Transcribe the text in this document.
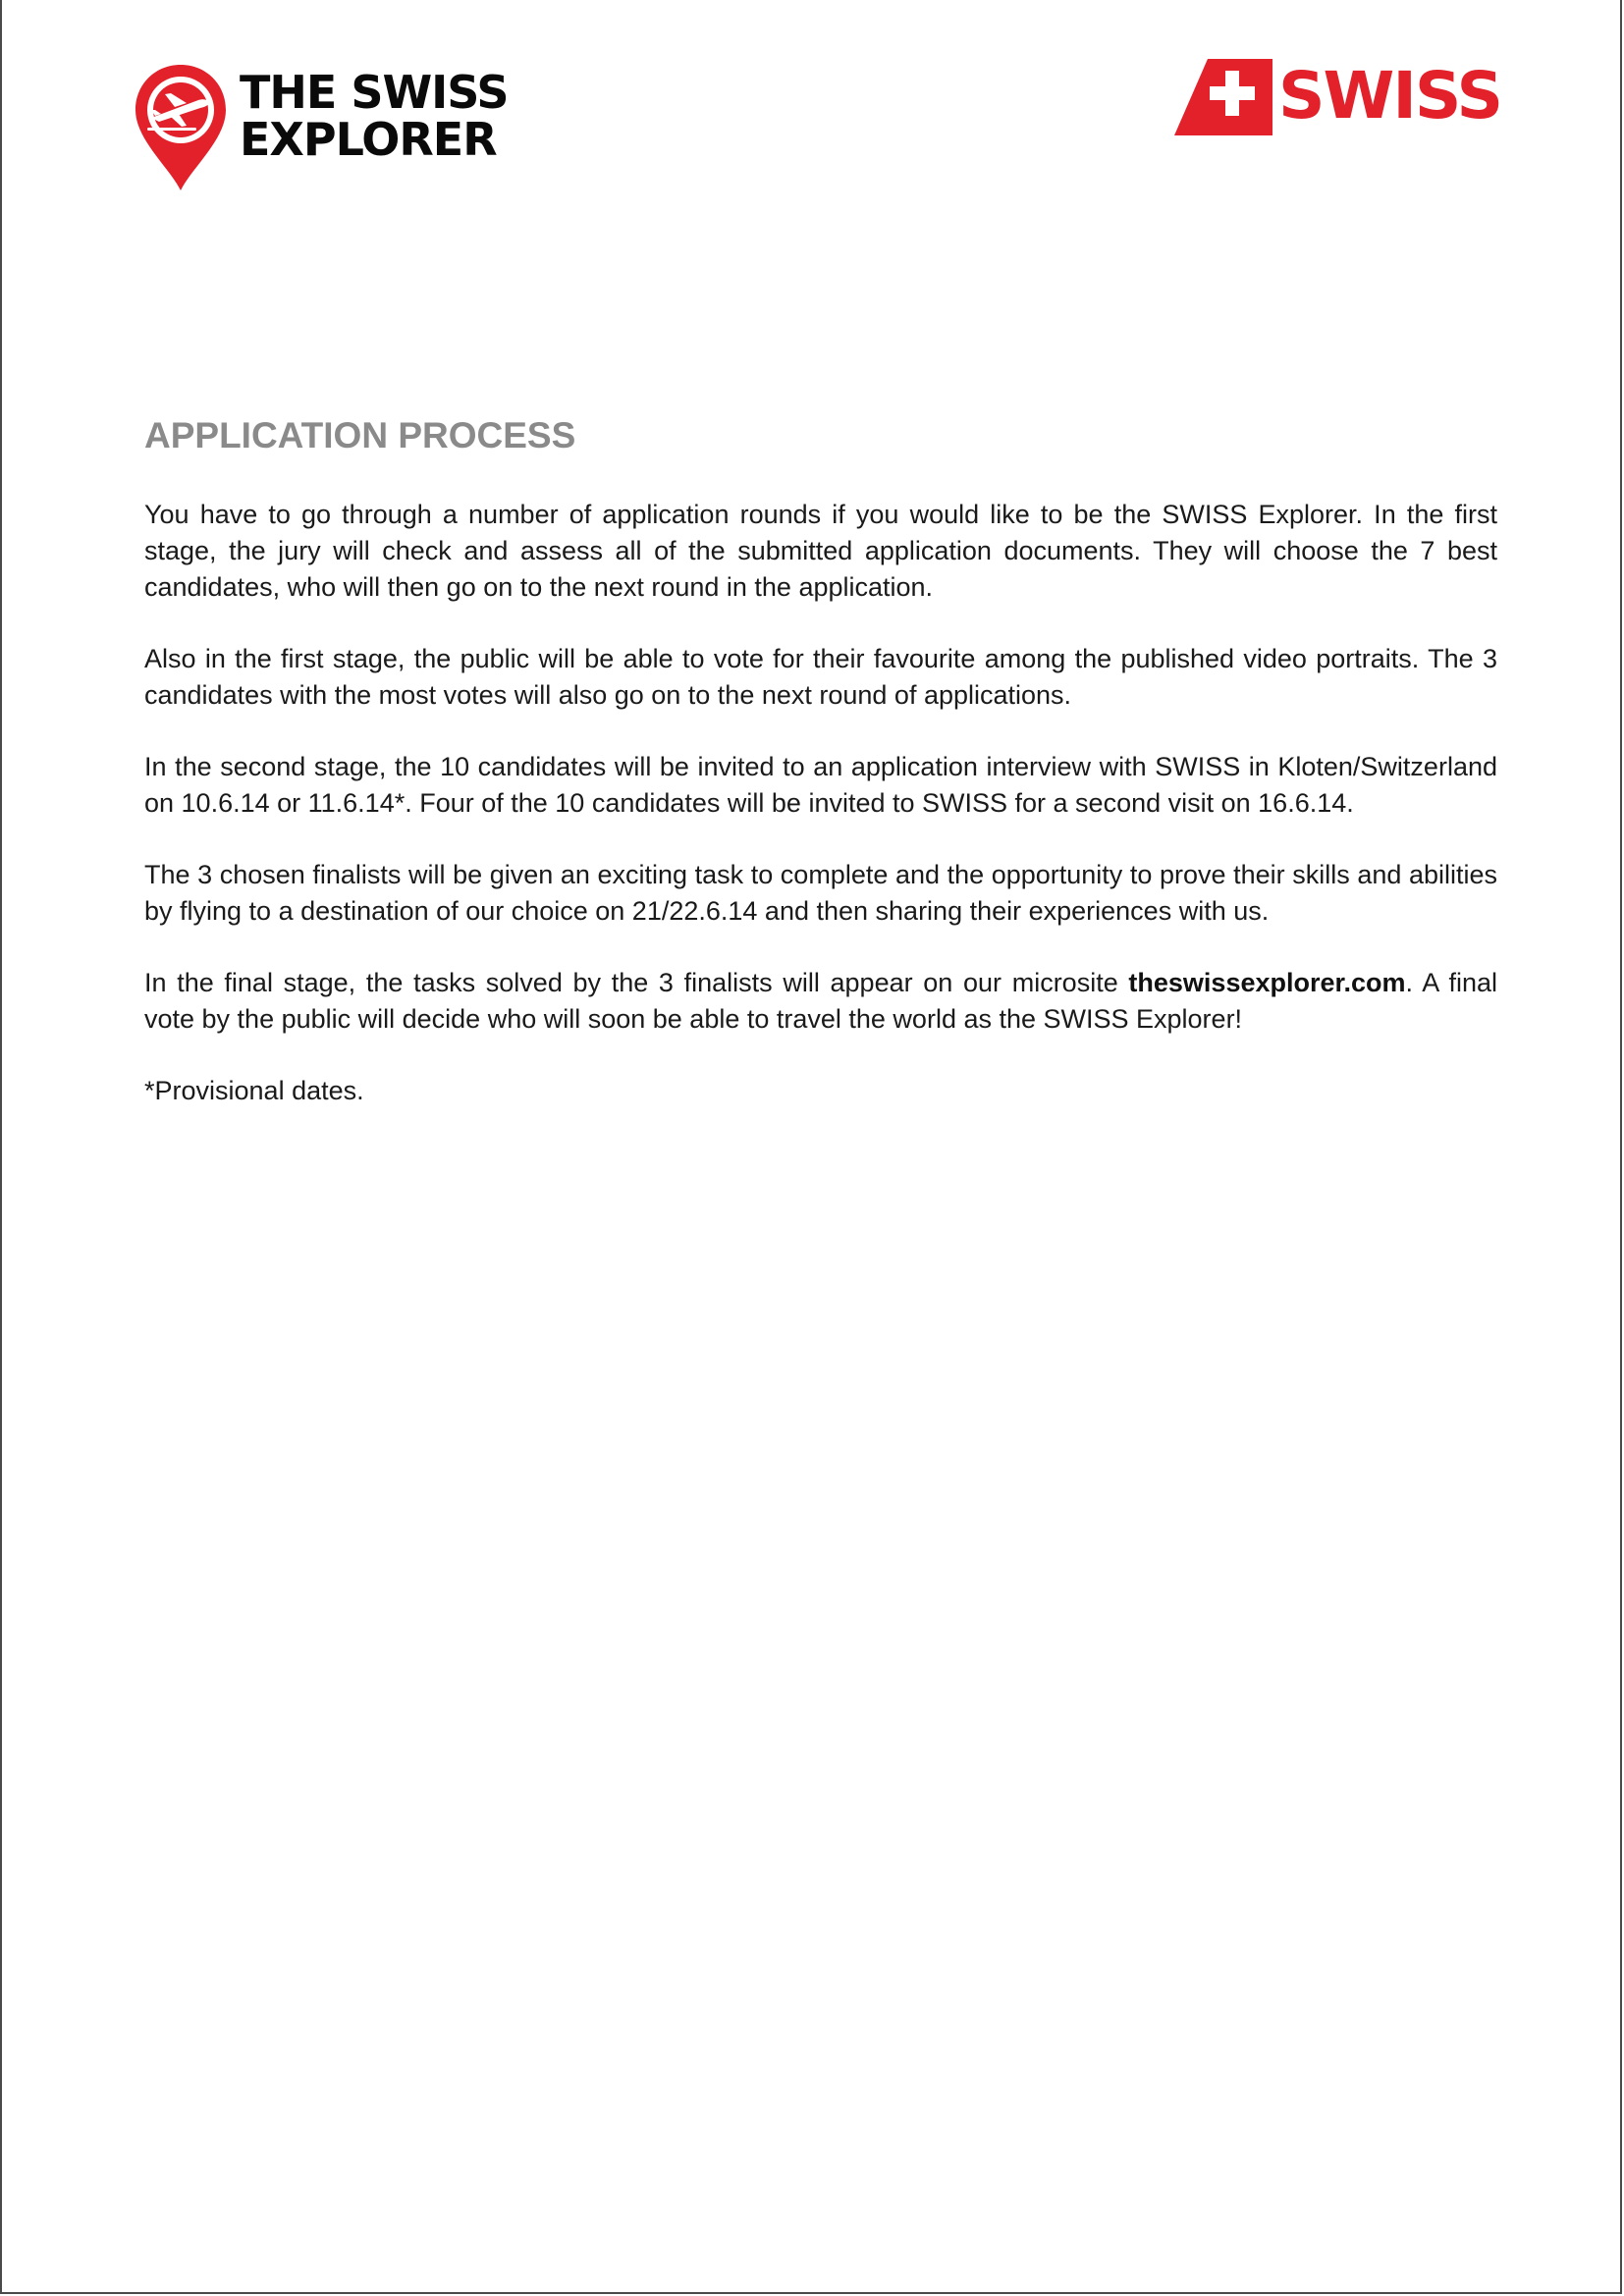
THE SWISS
EXPLORER
SWISS
APPLICATION PROCESS

You have to go through a number of application rounds if you would like to be the SWISS Explorer. In the first stage, the jury will check and assess all of the submitted application documents. They will choose the 7 best candidates, who will then go on to the next round in the application.

Also in the first stage, the public will be able to vote for their favourite among the published video portraits. The 3 candidates with the most votes will also go on to the next round of applications.

In the second stage, the 10 candidates will be invited to an application interview with SWISS in Kloten/Switzerland on 10.6.14 or 11.6.14*. Four of the 10 candidates will be invited to SWISS for a second visit on 16.6.14.

The 3 chosen finalists will be given an exciting task to complete and the opportunity to prove their skills and abilities by flying to a destination of our choice on 21/22.6.14 and then sharing their experiences with us.

In the final stage, the tasks solved by the 3 finalists will appear on our microsite theswissexplorer.com. A final vote by the public will decide who will soon be able to travel the world as the SWISS Explorer!

*Provisional dates.
